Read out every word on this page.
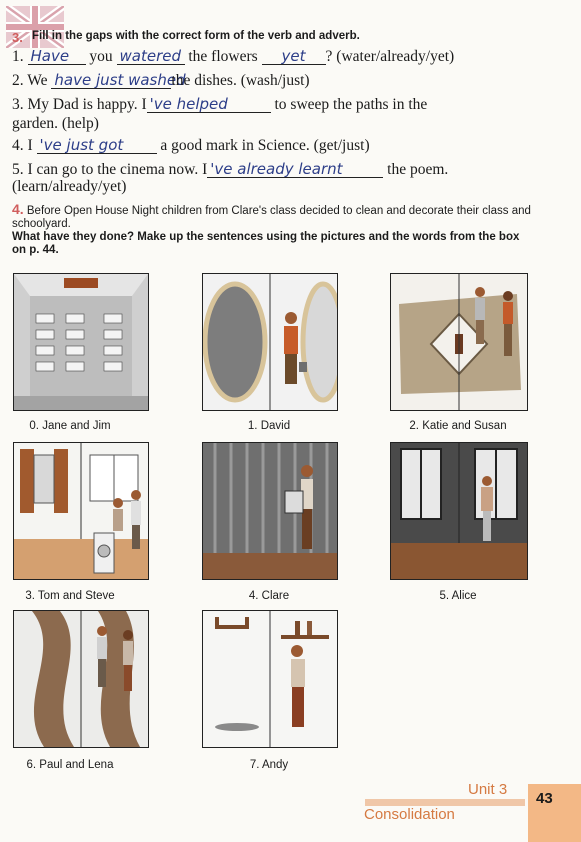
3. Fill in the gaps with the correct form of the verb and adverb.
1. Have you watered the flowers yet ? (water/already/yet)
2. We have just washedthe dishes. (wash/just)
3. My Dad is happy. I 've helped	to sweep the paths in the
garden. (help)
4. I 've just got a good mark in Science. (get/just)
5. I can go to the cinema now. I 've already learnt	the poem.
(learn/already/yet)
4. Before Open House Night children from Clare's class decided to clean and decorate their class and schoolyard.
What have they done? Make up the sentences using the pictures and the words from the box on p. 44.
0. Jane and Jim	1. David	2. Katie and Susan
3. Tom and Steve	4. Clare	5. Alice
6. Paul and Lena	7. Andy
Unit 3
Consolidation
43
